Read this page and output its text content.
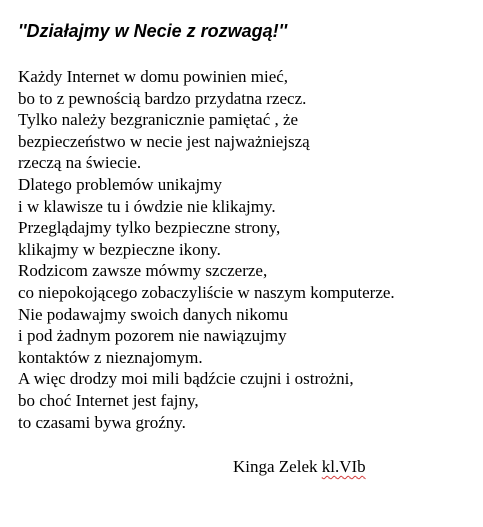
''Działajmy w Necie z rozwagą!''
Każdy Internet w domu powinien mieć,
bo to z pewnością bardzo przydatna rzecz.
Tylko należy bezgranicznie pamiętać , że
bezpieczeństwo w necie jest najważniejszą
rzeczą na świecie.
Dlatego problemów unikajmy
i w klawisze tu i ówdzie nie klikajmy.
Przeglądajmy tylko bezpieczne strony,
klikajmy w bezpieczne ikony.
Rodzicom zawsze mówmy szczerze,
co niepokojącego zobaczyliście w naszym komputerze.
Nie podawajmy swoich danych nikomu
i pod żadnym pozorem nie nawiązujmy
kontaktów z nieznajomym.
A więc drodzy moi mili bądźcie czujni i ostrożni,
bo choć Internet jest fajny,
to czasami bywa groźny.

Kinga Zelek kl.VIb
